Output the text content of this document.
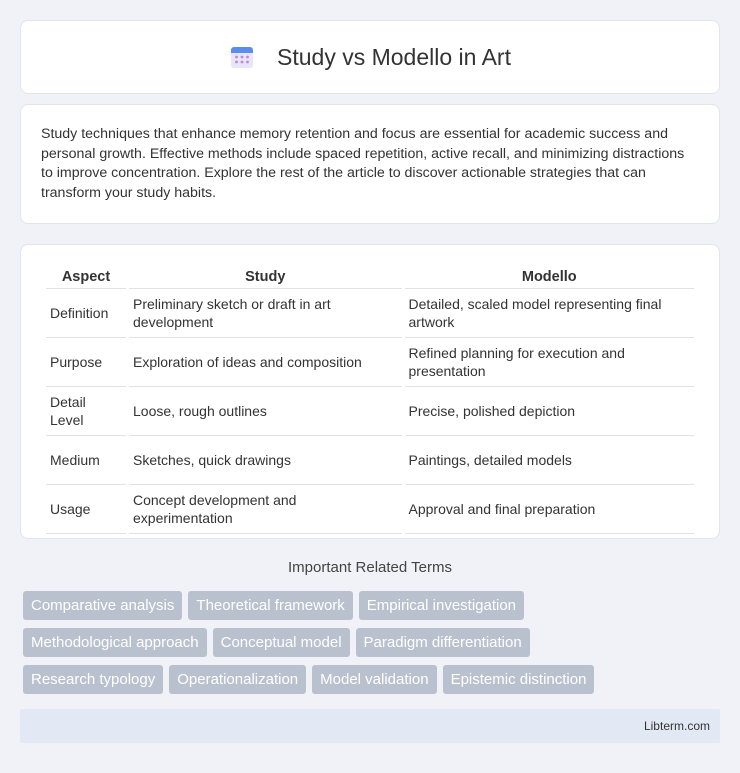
Study vs Modello in Art

Study techniques that enhance memory retention and focus are essential for academic success and personal growth. Effective methods include spaced repetition, active recall, and minimizing distractions to improve concentration. Explore the rest of the article to discover actionable strategies that can transform your study habits.

Aspect	Study	Modello
Definition	Preliminary sketch or draft in art development	Detailed, scaled model representing final artwork
Purpose	Exploration of ideas and composition	Refined planning for execution and presentation
Detail Level	Loose, rough outlines	Precise, polished depiction
Medium	Sketches, quick drawings	Paintings, detailed models
Usage	Concept development and experimentation	Approval and final preparation
Important Related Terms
Comparative analysis	Theoretical framework	Empirical investigation
Methodological approach	Conceptual model	Paradigm differentiation
Research typology	Operationalization	Model validation	Epistemic distinction
Libterm.com
